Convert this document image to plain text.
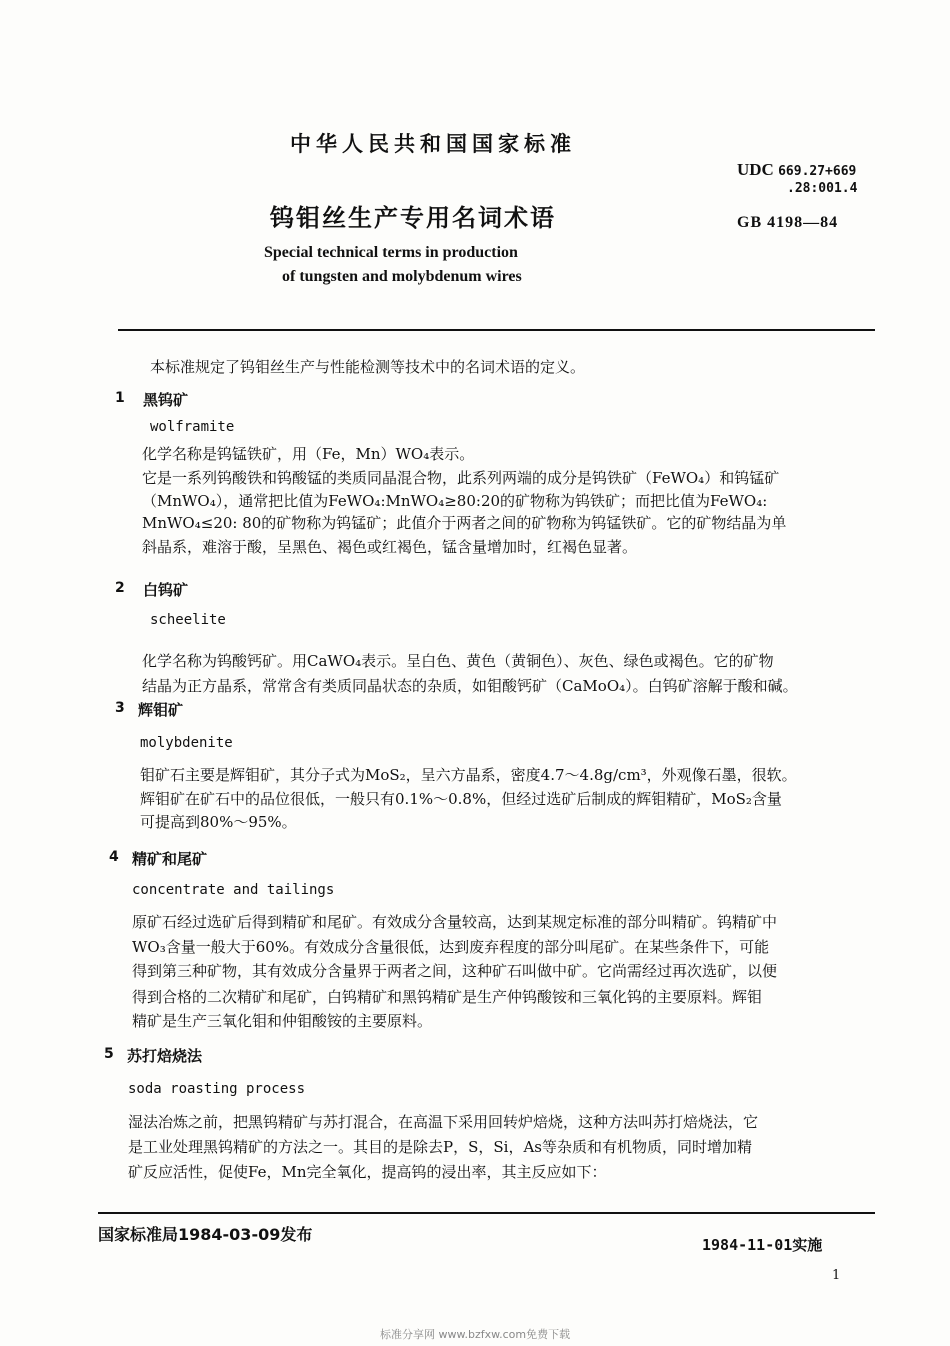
中华人民共和国国家标准
钨钼丝生产专用名词术语
Special technical terms in production
of tungsten and molybdenum wires
UDC 669.27+669
.28:001.4
GB 4198—84
本标准规定了钨钼丝生产与性能检测等技术中的名词术语的定义。
1 黑钨矿
wolframite
化学名称是钨锰铁矿，用（Fe，Mn）WO₄表示。
它是一系列钨酸铁和钨酸锰的类质同晶混合物，此系列两端的成分是钨铁矿（FeWO₄）和钨锰矿
（MnWO₄），通常把比值为FeWO₄:MnWO₄≥80:20的矿物称为钨铁矿；而把比值为FeWO₄:
MnWO₄≤20: 80的矿物称为钨锰矿；此值介于两者之间的矿物称为钨锰铁矿。它的矿物结晶为单
斜晶系，难溶于酸，呈黑色、褐色或红褐色，锰含量增加时，红褐色显著。
2 白钨矿
scheelite
化学名称为钨酸钙矿。用CaWO₄表示。呈白色、黄色（黄铜色）、灰色、绿色或褐色。它的矿物
结晶为正方晶系，常常含有类质同晶状态的杂质，如钼酸钙矿（CaMoO₄）。白钨矿溶解于酸和碱。
3 辉钼矿
molybdenite
钼矿石主要是辉钼矿，其分子式为MoS₂，呈六方晶系，密度4.7～4.8g/cm³，外观像石墨，很软。
辉钼矿在矿石中的品位很低，一般只有0.1%～0.8%，但经过选矿后制成的辉钼精矿，MoS₂含量
可提高到80%～95%。
4 精矿和尾矿
concentrate and tailings
原矿石经过选矿后得到精矿和尾矿。有效成分含量较高，达到某规定标准的部分叫精矿。钨精矿中
WO₃含量一般大于60%。有效成分含量很低，达到废弃程度的部分叫尾矿。在某些条件下，可能
得到第三种矿物，其有效成分含量界于两者之间，这种矿石叫做中矿。它尚需经过再次选矿，以便
得到合格的二次精矿和尾矿，白钨精矿和黑钨精矿是生产仲钨酸铵和三氧化钨的主要原料。辉钼
精矿是生产三氧化钼和仲钼酸铵的主要原料。
5 苏打焙烧法
soda roasting process
湿法冶炼之前，把黑钨精矿与苏打混合，在高温下采用回转炉焙烧，这种方法叫苏打焙烧法，它
是工业处理黑钨精矿的方法之一。其目的是除去P，S，Si，As等杂质和有机物质，同时增加精
矿反应活性，促使Fe，Mn完全氧化，提高钨的浸出率，其主反应如下：
国家标准局1984-03-09发布
1984-11-01实施
1
标准分享网 www.bzfxw.com免费下载
